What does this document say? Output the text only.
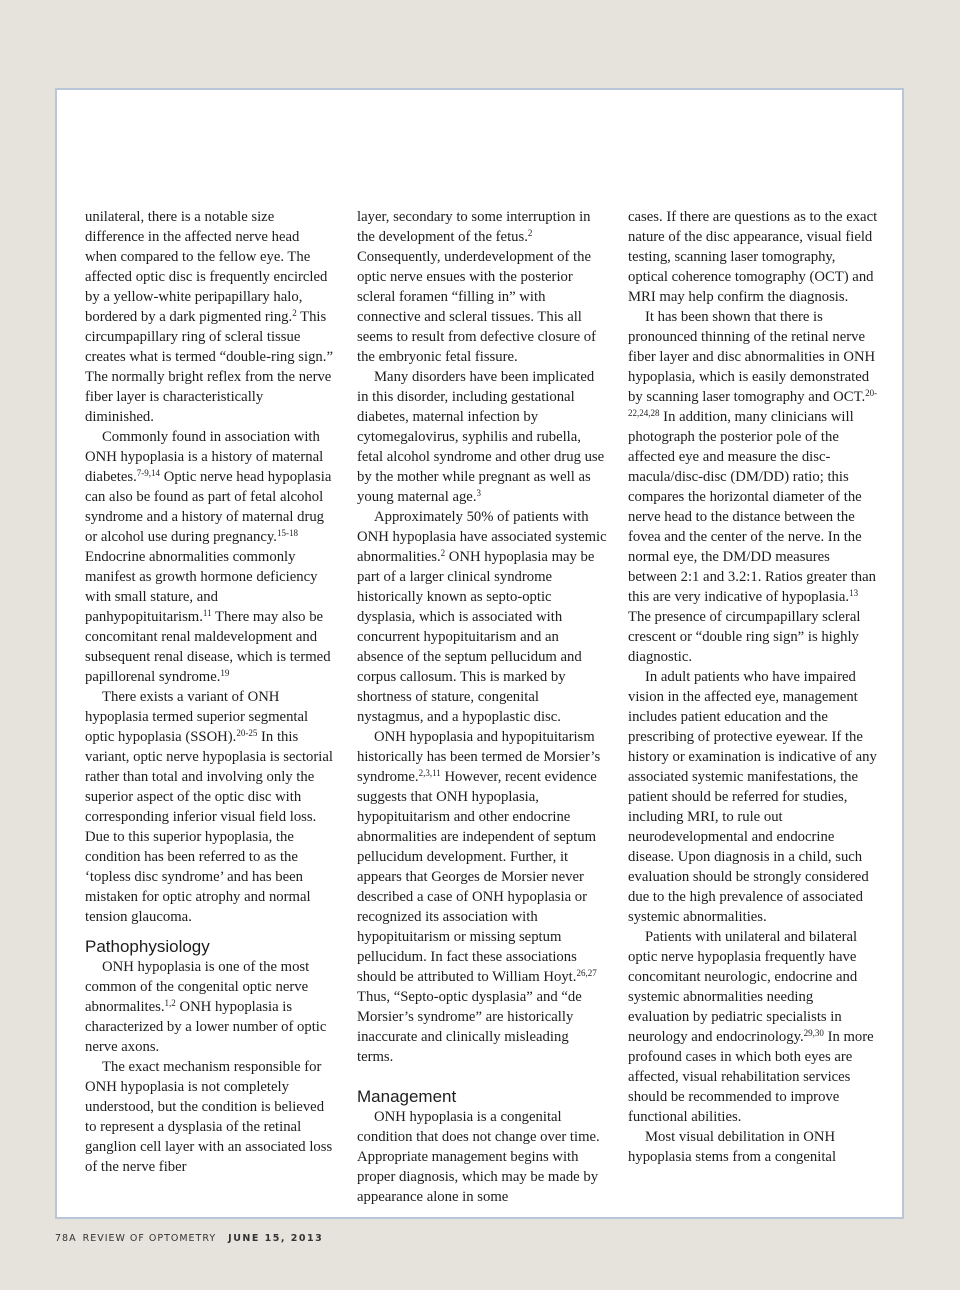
unilateral, there is a notable size difference in the affected nerve head when compared to the fellow eye. The affected optic disc is frequently encircled by a yellow-white peripapillary halo, bordered by a dark pigmented ring.$^2$ This circumpapillary ring of scleral tissue creates what is termed “double-ring sign.” The normally bright reflex from the nerve fiber layer is characteristically diminished.

Commonly found in association with ONH hypoplasia is a history of maternal diabetes.$^{7-9,14}$ Optic nerve head hypoplasia can also be found as part of fetal alcohol syndrome and a history of maternal drug or alcohol use during pregnancy.$^{15-18}$ Endocrine abnormalities commonly manifest as growth hormone deficiency with small stature, and panhypopituitarism.$^{11}$ There may also be concomitant renal maldevelopment and subsequent renal disease, which is termed papillorenal syndrome.$^{19}$

There exists a variant of ONH hypoplasia termed superior segmental optic hypoplasia (SSOH).$^{20-25}$ In this variant, optic nerve hypoplasia is sectorial rather than total and involving only the superior aspect of the optic disc with corresponding inferior visual field loss. Due to this superior hypoplasia, the condition has been referred to as the ‘topless disc syndrome’ and has been mistaken for optic atrophy and normal tension glaucoma.

Pathophysiology

ONH hypoplasia is one of the most common of the congenital optic nerve abnormalites.$^{1,2}$ ONH hypoplasia is characterized by a lower number of optic nerve axons.

The exact mechanism responsible for ONH hypoplasia is not completely understood, but the condition is believed to represent a dysplasia of the retinal ganglion cell layer with an associated loss of the nerve fiber

layer, secondary to some interruption in the development of the fetus.$^2$ Consequently, underdevelopment of the optic nerve ensues with the posterior scleral foramen “filling in” with connective and scleral tissues. This all seems to result from defective closure of the embryonic fetal fissure.

Many disorders have been implicated in this disorder, including gestational diabetes, maternal infection by cytomegalovirus, syphilis and rubella, fetal alcohol syndrome and other drug use by the mother while pregnant as well as young maternal age.$^3$

Approximately 50% of patients with ONH hypoplasia have associated systemic abnormalities.$^2$ ONH hypoplasia may be part of a larger clinical syndrome historically known as septo-optic dysplasia, which is associated with concurrent hypopituitarism and an absence of the septum pellucidum and corpus callosum. This is marked by shortness of stature, congenital nystagmus, and a hypoplastic disc.

ONH hypoplasia and hypopituitarism historically has been termed de Morsier’s syndrome.$^{2,3,11}$ However, recent evidence suggests that ONH hypoplasia, hypopituitarism and other endocrine abnormalities are independent of septum pellucidum development. Further, it appears that Georges de Morsier never described a case of ONH hypoplasia or recognized its association with hypopituitarism or missing septum pellucidum. In fact these associations should be attributed to William Hoyt.$^{26,27}$ Thus, “Septo-optic dysplasia” and “de Morsier’s syndrome” are historically inaccurate and clinically misleading terms.

Management

ONH hypoplasia is a congenital condition that does not change over time. Appropriate management begins with proper diagnosis, which may be made by appearance alone in some

cases. If there are questions as to the exact nature of the disc appearance, visual field testing, scanning laser tomography, optical coherence tomography (OCT) and MRI may help confirm the diagnosis.

It has been shown that there is pronounced thinning of the retinal nerve fiber layer and disc abnormalities in ONH hypoplasia, which is easily demonstrated by scanning laser tomography and OCT.$^{20-22,24,28}$ In addition, many clinicians will photograph the posterior pole of the affected eye and measure the disc-macula/disc-disc (DM/DD) ratio; this compares the horizontal diameter of the nerve head to the distance between the fovea and the center of the nerve. In the normal eye, the DM/DD measures between 2:1 and 3.2:1. Ratios greater than this are very indicative of hypoplasia.$^{13}$ The presence of circumpapillary scleral crescent or “double ring sign” is highly diagnostic.

In adult patients who have impaired vision in the affected eye, management includes patient education and the prescribing of protective eyewear. If the history or examination is indicative of any associated systemic manifestations, the patient should be referred for studies, including MRI, to rule out neurodevelopmental and endocrine disease. Upon diagnosis in a child, such evaluation should be strongly considered due to the high prevalence of associated systemic abnormalities.

Patients with unilateral and bilateral optic nerve hypoplasia frequently have concomitant neurologic, endocrine and systemic abnormalities needing evaluation by pediatric specialists in neurology and endocrinology.$^{29,30}$ In more profound cases in which both eyes are affected, visual rehabilitation services should be recommended to improve functional abilities.

Most visual debilitation in ONH hypoplasia stems from a congenital

78A REVIEW OF OPTOMETRY JUNE 15, 2013
